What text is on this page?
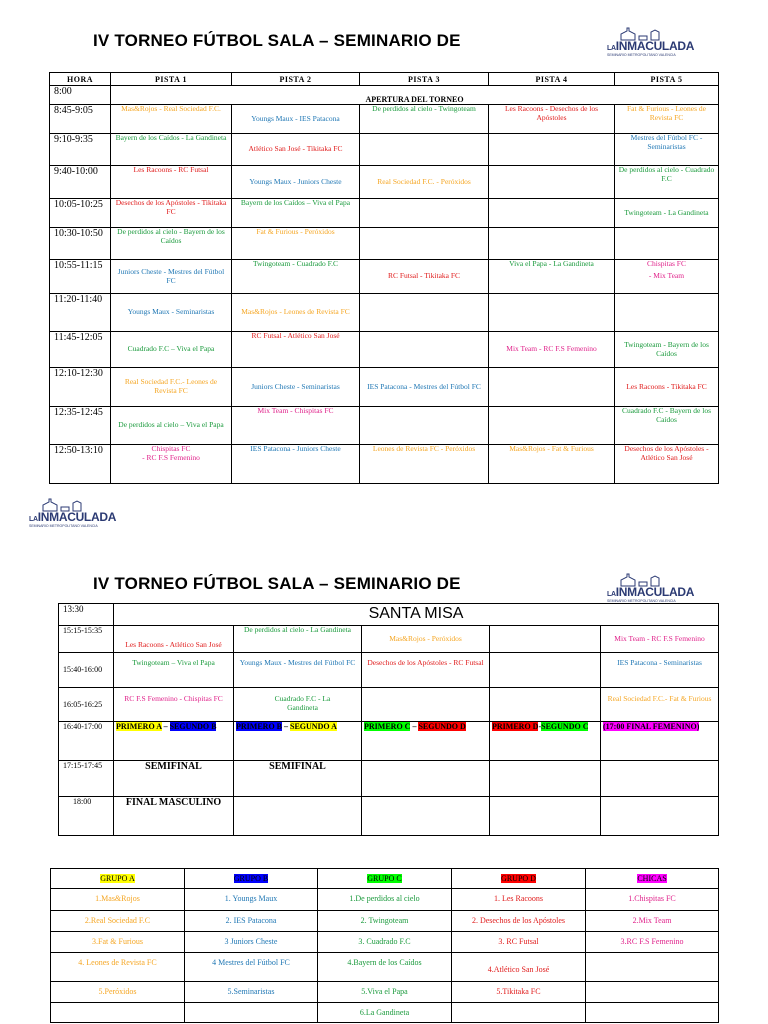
IV TORNEO FÚTBOL SALA – SEMINARIO DE	LAINMACULADA
SEMINARIO METROPOLITANO VALENCIA
HORA	PISTA 1	PISTA 2	PISTA 3	PISTA 4	PISTA 5
8:00	APERTURA DEL TORNEO				
8:45-9:05	Mas&Rojos - Real Sociedad F.C.	Youngs Maux - IES Patacona	De perdidos al cielo - Twingoteam	Les Racoons - Desechos de los Apóstoles	Fat & Furious - Leones de Revista FC
9:10-9:35	Bayern de los Caídos - La Gandineta	Atlético San José - Tikitaka FC			Mestres del Fútbol FC - Seminaristas
9:40-10:00	Les Racoons - RC Futsal	Youngs Maux - Juniors Cheste	Real Sociedad F.C. - Peróxidos		De perdidos al cielo - Cuadrado F.C
10:05-10:25	Desechos de los Apóstoles - Tikitaka FC	Bayern de los Caídos – Viva el Papa			Twingoteam - La Gandineta
10:30-10:50	De perdidos al cielo - Bayern de los Caídos	Fat & Furious - Peróxidos			
10:55-11:15	Juniors Cheste - Mestres del Fútbol FC	Twingoteam - Cuadrado F.C	RC Futsal - Tikitaka FC	Viva el Papa - La Gandineta	Chispitas FC
- Mix Team

11:20-11:40	Youngs Maux - Seminaristas	Mas&Rojos - Leones de Revista FC			
11:45-12:05	Cuadrado F.C – Viva el Papa	RC Futsal - Atlético San José		Mix Team - RC F.S Femenino	Twingoteam - Bayern de los Caídos
12:10-12:30	Real Sociedad F.C.- Leones de Revista FC	Juniors Cheste - Seminaristas	IES Patacona - Mestres del Fútbol FC		Les Racoons - Tikitaka FC
12:35-12:45	De perdidos al cielo – Viva el Papa	Mix Team - Chispitas FC			Cuadrado F.C - Bayern de los Caídos
12:50-13:10	Chispitas FC
- RC F.S Femenino	IES Patacona - Juniors Cheste	Leones de Revista FC - Peróxidos	Mas&Rojos - Fat & Furious	Desechos de los Apóstoles - Atlético San José
LAINMACULADA
SEMINARIO METROPOLITANO VALENCIA
IV TORNEO FÚTBOL SALA – SEMINARIO DE
LAINMACULADA
SEMINARIO METROPOLITANO VALENCIA
13:30	SANTA MISA				
15:15-15:35	Les Racoons - Atlético San José	De perdidos al cielo - La Gandineta	Mas&Rojos - Peróxidos		Mix Team - RC F.S Femenino
15:40-16:00	Twingoteam – Viva el Papa	Youngs Maux - Mestres del Fútbol FC	Desechos de los Apóstoles - RC Futsal		IES Patacona - Seminaristas
16:05-16:25	RC F.S Femenino - Chispitas FC	Cuadrado F.C - La Gandineta			Real Sociedad F.C.- Fat & Furious
16:40-17:00	PRIMERO A – SEGUNDO B	PRIMERO B – SEGUNDO A	PRIMERO C – SEGUNDO D	PRIMERO D-SEGUNDO C	(17:00 FINAL FEMENINO)
17:15-17:45	SEMIFINAL	SEMIFINAL			
18:00	FINAL MASCULINO				
GRUPO A	GRUPO B	GRUPO C	GRUPO D	CHICAS
1.Mas&Rojos	1. Youngs Maux	1.De perdidos al cielo	1. Les Racoons	1.Chispitas FC
2.Real Sociedad F.C	2. IES Patacona	2. Twingoteam	2. Desechos de los Apóstoles	2.Mix Team
3.Fat & Furious	3 Juniors Cheste	3. Cuadrado F.C	3. RC Futsal	3.RC F.S Femenino
4. Leones de Revista FC	4 Mestres del Fútbol FC	4.Bayern de los Caídos	4.Atlético San José	
5.Peróxidos	5.Seminaristas	5.Viva el Papa	5.Tikitaka FC	
		6.La Gandineta		
